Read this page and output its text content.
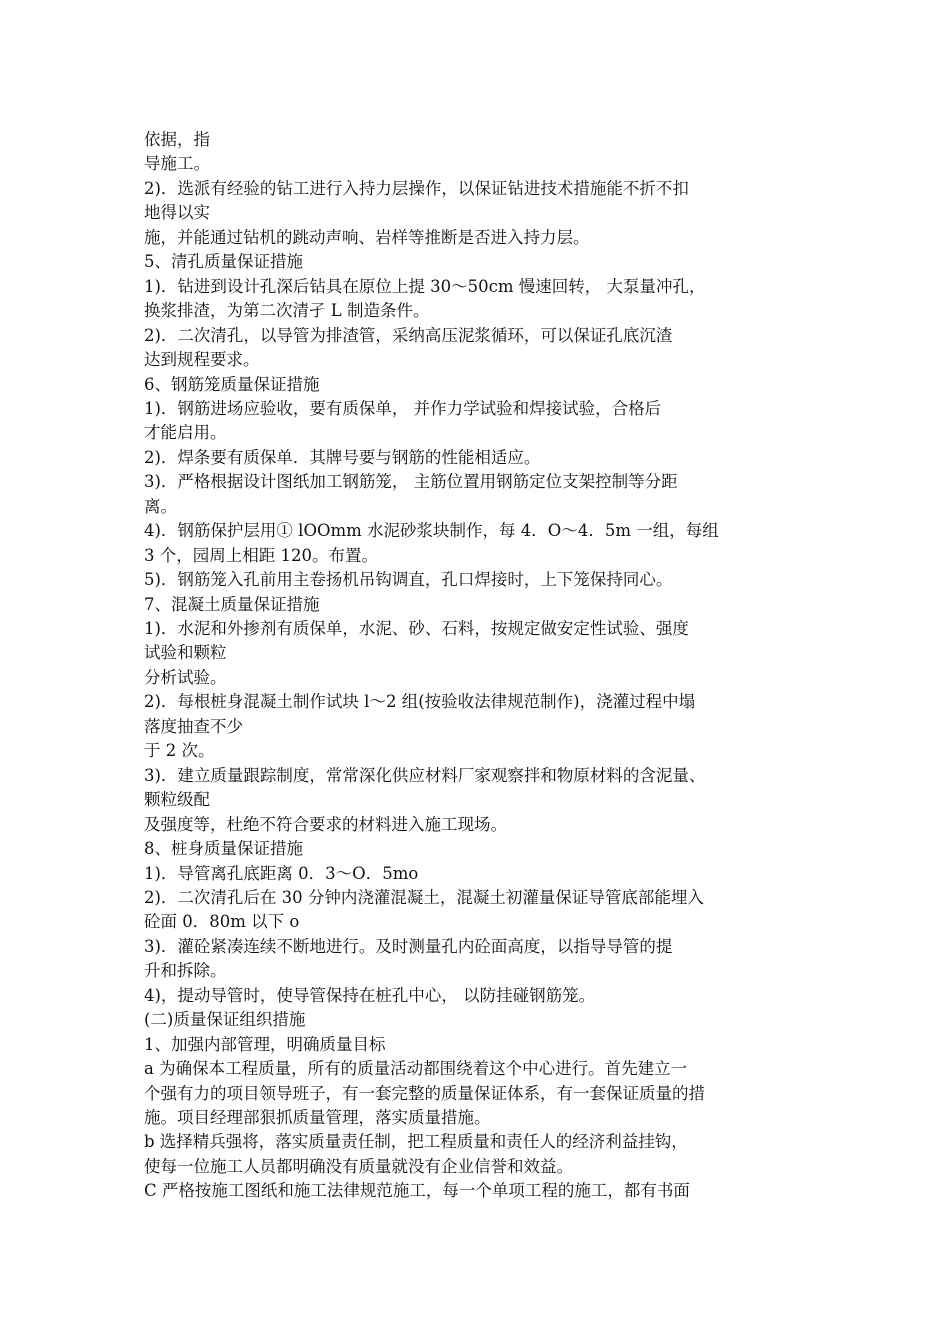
依据，指
导施工。
2)．选派有经验的钻工进行入持力层操作，以保证钻进技术措施能不折不扣
地得以实
施，并能通过钻机的跳动声响、岩样等推断是否进入持力层。
5、清孔质量保证措施
1)．钻进到设计孔深后钻具在原位上提 30～50cm 慢速回转， 大泵量冲孔，
换浆排渣，为第二次清孑 L 制造条件。
2)．二次清孔，以导管为排渣管，采纳高压泥浆循环，可以保证孔底沉渣
达到规程要求。
6、钢筋笼质量保证措施
1)．钢筋进场应验收，要有质保单， 并作力学试验和焊接试验，合格后
才能启用。
2)．焊条要有质保单．其牌号要与钢筋的性能相适应。
3)．严格根据设计图纸加工钢筋笼， 主筋位置用钢筋定位支架控制等分距
离。
4)．钢筋保护层用① lOOmm 水泥砂浆块制作，每 4．O～4．5m 一组，每组
3 个，园周上相距 120。布置。
5)．钢筋笼入孔前用主卷扬机吊钩调直，孔口焊接时，上下笼保持同心。
7、混凝土质量保证措施
1)．水泥和外掺剂有质保单，水泥、砂、石料，按规定做安定性试验、强度
试验和颗粒
分析试验。
2)．每根桩身混凝土制作试块 l～2 组(按验收法律规范制作)，浇灌过程中塌
落度抽查不少
于 2 次。
3)．建立质量跟踪制度，常常深化供应材料厂家观察拌和物原材料的含泥量、
颗粒级配
及强度等，杜绝不符合要求的材料进入施工现场。
8、桩身质量保证措施
1)．导管离孔底距离 0．3～O．5mo
2)．二次清孔后在 30 分钟内浇灌混凝土，混凝土初灌量保证导管底部能埋入
砼面 0．80m 以下 o
3)．灌砼紧凑连续不断地进行。及时测量孔内砼面高度，以指导导管的提
升和拆除。
4)，提动导管时，使导管保持在桩孔中心， 以防挂碰钢筋笼。
(二)质量保证组织措施
1、加强内部管理，明确质量目标
a 为确保本工程质量，所有的质量活动都围绕着这个中心进行。首先建立一
个强有力的项目领导班子，有一套完整的质量保证体系，有一套保证质量的措
施。项目经理部狠抓质量管理，落实质量措施。
b 选择精兵强将，落实质量责任制，把工程质量和责任人的经济利益挂钩，
使每一位施工人员都明确没有质量就没有企业信誉和效益。
C 严格按施工图纸和施工法律规范施工，每一个单项工程的施工，都有书面
